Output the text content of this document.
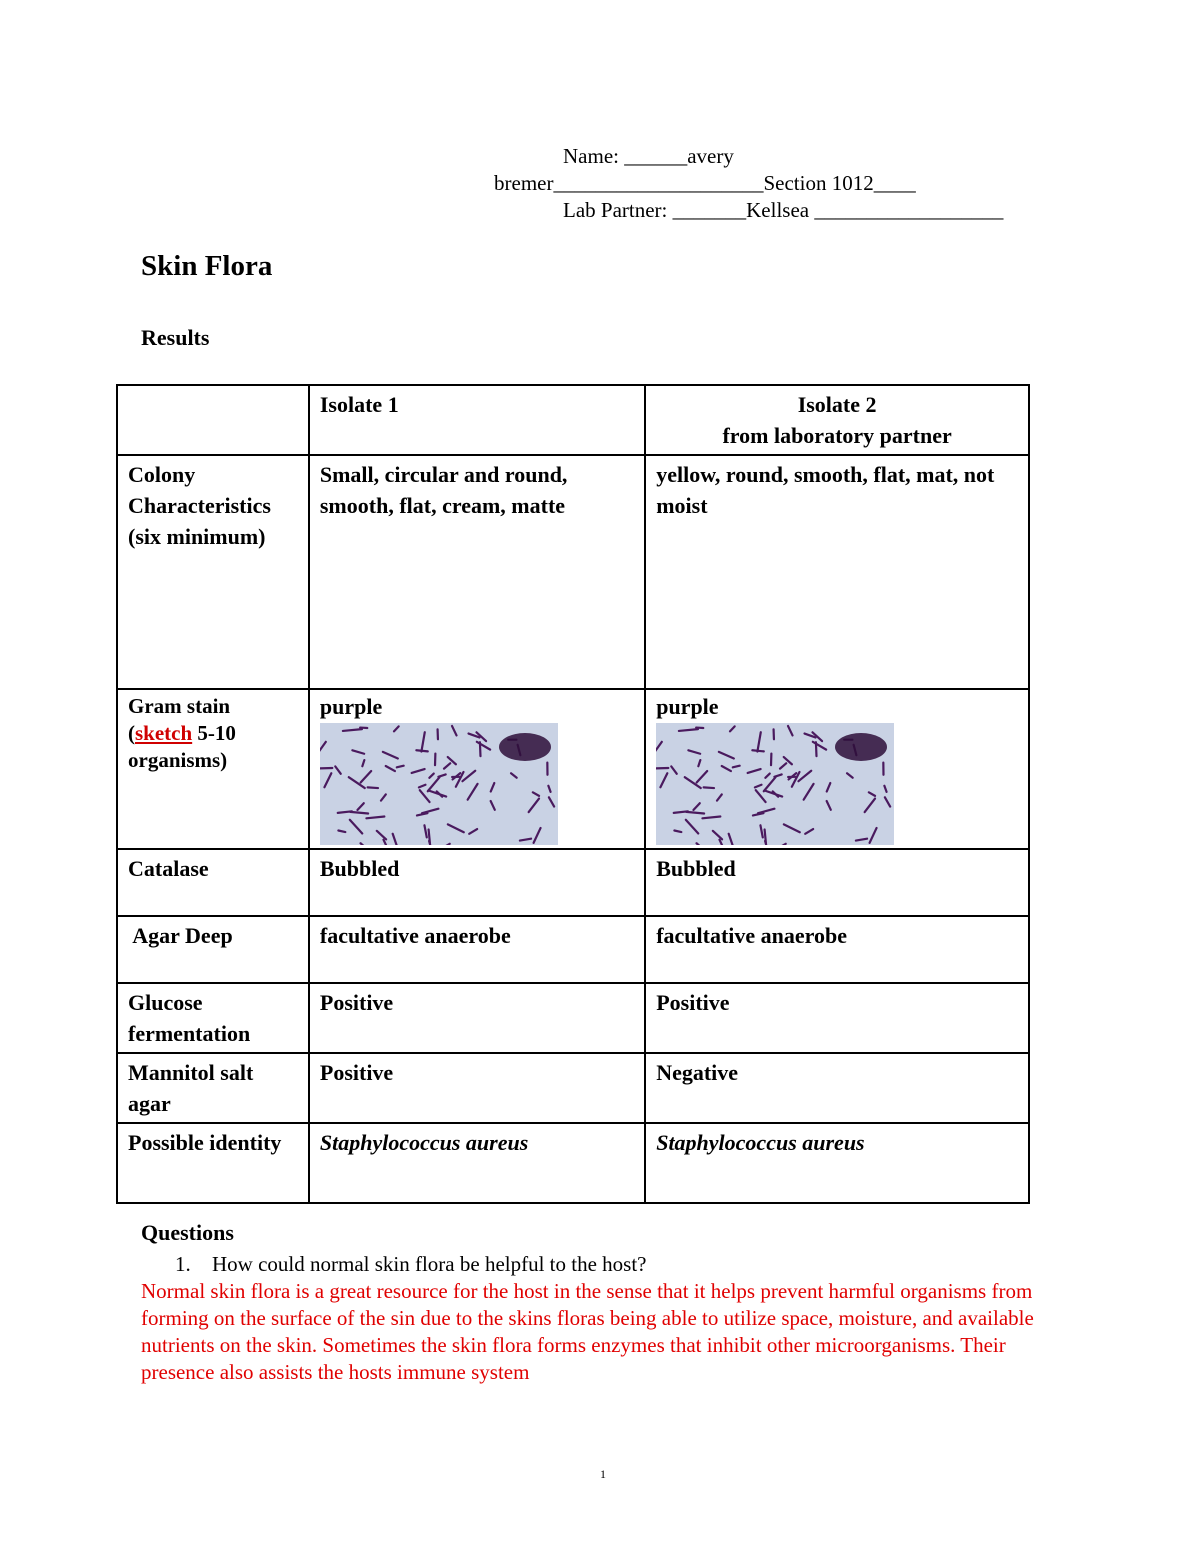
Name: ______avery
bremer____________________Section 1012____
Lab Partner: _______Kellsea __________________
Skin Flora
Results
	Isolate 1	Isolate 2
from laboratory partner

Colony Characteristics (six minimum)	Small, circular and round, smooth, flat, cream, matte	yellow, round, smooth, flat, mat, not moist
Gram stain
(sketch 5-10 organisms)	purple	purple

Catalase	Bubbled	Bubbled
Agar Deep	facultative anaerobe	facultative anaerobe
Glucose fermentation	Positive	Positive
Mannitol salt agar	Positive	Negative
Possible identity	Staphylococcus aureus	Staphylococcus aureus
Questions
1. How could normal skin flora be helpful to the host?
Normal skin flora is a great resource for the host in the sense that it helps prevent harmful organisms from forming on the surface of the sin due to the skins floras being able to utilize space, moisture, and available nutrients on the skin. Sometimes the skin flora forms enzymes that inhibit other microorganisms. Their presence also assists the hosts immune system
1
